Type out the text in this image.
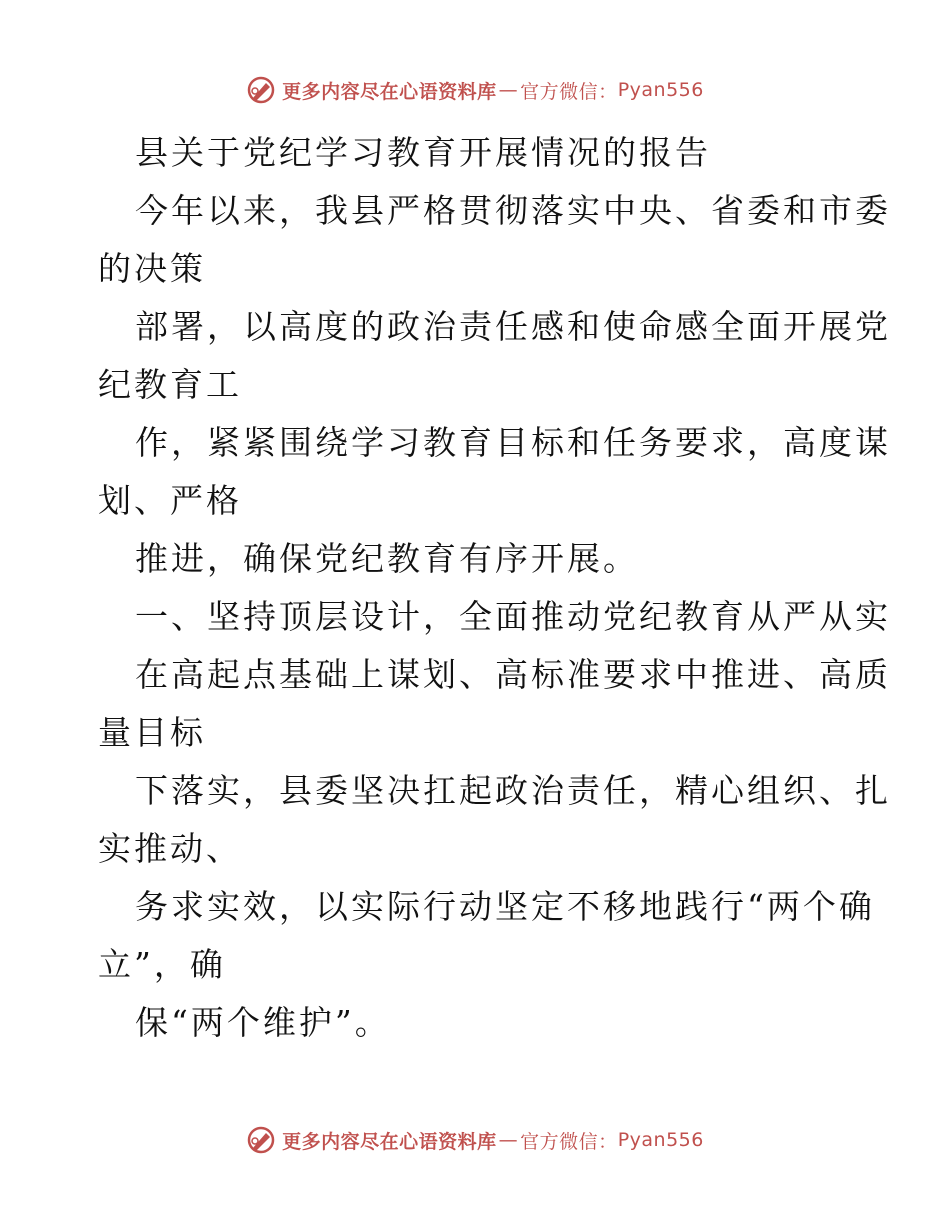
更多内容尽在心语资料库 — 官方微信： Pyan556
县关于党纪学习教育开展情况的报告
今年以来，我县严格贯彻落实中央、省委和市委
的决策
部署，以高度的政治责任感和使命感全面开展党
纪教育工
作，紧紧围绕学习教育目标和任务要求，高度谋
划、严格
推进，确保党纪教育有序开展。
一、坚持顶层设计，全面推动党纪教育从严从实
在高起点基础上谋划、高标准要求中推进、高质
量目标
下落实，县委坚决扛起政治责任，精心组织、扎
实推动、
务求实效，以实际行动坚定不移地践行“两个确
立”，确
保“两个维护”。
更多内容尽在心语资料库 — 官方微信： Pyan556
